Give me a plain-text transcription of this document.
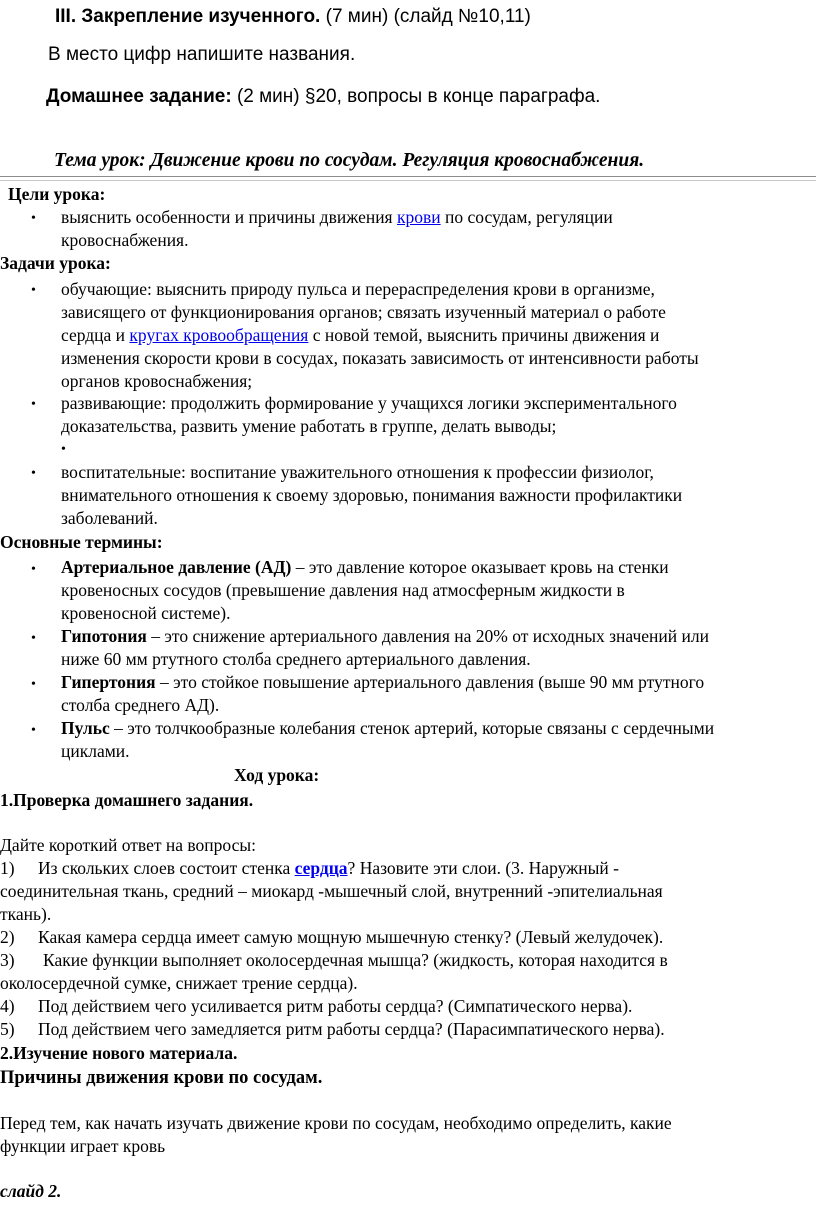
III. Закрепление изученного. (7 мин) (слайд №10,11)
В место цифр напишите названия.
Домашнее задание: (2 мин) §20, вопросы в конце параграфа.
Тема урок: Движение крови по сосудам. Регуляция кровоснабжения.
Цели урока:
• выяснить особенности и причины движения крови по сосудам, регуляции
кровоснабжения.
Задачи урока:
• обучающие: выяснить природу пульса и перераспределения крови в организме,
зависящего от функционирования органов; связать изученный материал о работе
сердца и кругах кровообращения с новой темой, выяснить причины движения и
изменения скорости крови в сосудах, показать зависимость от интенсивности работы
органов кровоснабжения;
• развивающие: продолжить формирование у учащихся логики экспериментального
доказательства, развить умение работать в группе, делать выводы;
•
• воспитательные: воспитание уважительного отношения к профессии физиолог,
внимательного отношения к своему здоровью, понимания важности профилактики
заболеваний.
Основные термины:
• Артериальное давление (АД) – это давление которое оказывает кровь на стенки
кровеносных сосудов (превышение давления над атмосферным жидкости в
кровеносной системе).
• Гипотония – это снижение артериального давления на 20% от исходных значений или
ниже 60 мм ртутного столба среднего артериального давления.
• Гипертония – это стойкое повышение артериального давления (выше 90 мм ртутного
столба среднего АД).
• Пульс – это толчкообразные колебания стенок артерий, которые связаны с сердечными
циклами.
Ход урока:
1.Проверка домашнего задания.
Дайте короткий ответ на вопросы:
1) Из скольких слоев состоит стенка сердца? Назовите эти слои. (3. Наружный -
соединительная ткань, средний – миокард -мышечный слой, внутренний -эпителиальная
ткань).
2) Какая камера сердца имеет самую мощную мышечную стенку? (Левый желудочек).
3) Какие функции выполняет околосердечная мышца? (жидкость, которая находится в
околосердечной сумке, снижает трение сердца).
4) Под действием чего усиливается ритм работы сердца? (Симпатического нерва).
5) Под действием чего замедляется ритм работы сердца? (Парасимпатического нерва).
2.Изучение нового материала.
Причины движения крови по сосудам.
Перед тем, как начать изучать движение крови по сосудам, необходимо определить, какие
функции играет кровь
слайд 2.
